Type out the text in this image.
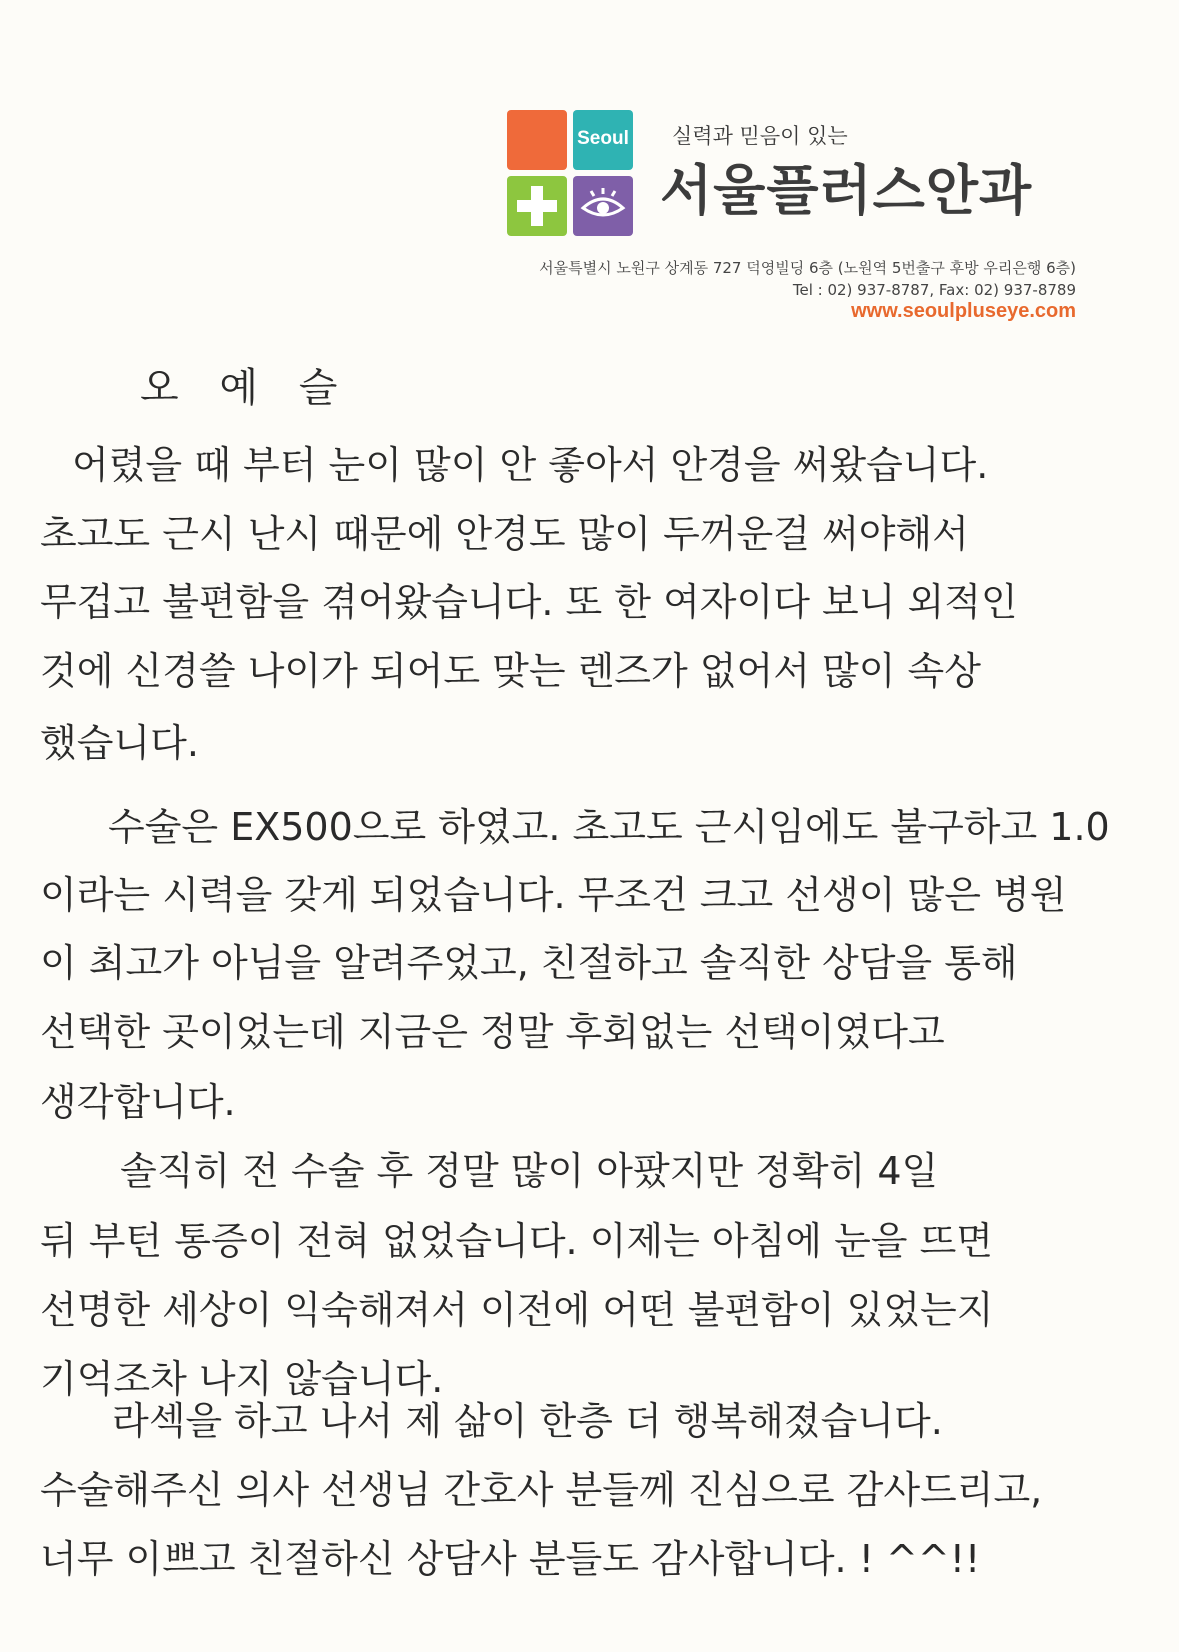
Seoul 실력과 믿음이 있는
서울플러스안과
서울특별시 노원구 상계동 727 덕영빌딩 6층 (노원역 5번출구 후방 우리은행 6층)
Tel : 02) 937-8787, Fax: 02) 937-8789
www.seoulpluseye.com
오 예 슬
어렸을 때 부터 눈이 많이 안 좋아서 안경을 써왔습니다.
초고도 근시 난시 때문에 안경도 많이 두꺼운걸 써야해서
무겁고 불편함을 겪어왔습니다. 또 한 여자이다 보니 외적인
것에 신경쓸 나이가 되어도 맞는 렌즈가 없어서 많이 속상
했습니다.
수술은 EX500으로 하였고. 초고도 근시임에도 불구하고 1.0
이라는 시력을 갖게 되었습니다. 무조건 크고 선생이 많은 병원
이 최고가 아님을 알려주었고, 친절하고 솔직한 상담을 통해
선택한 곳이었는데 지금은 정말 후회없는 선택이였다고
생각합니다.
솔직히 전 수술 후 정말 많이 아팠지만 정확히 4일
뒤 부턴 통증이 전혀 없었습니다. 이제는 아침에 눈을 뜨면
선명한 세상이 익숙해져서 이전에 어떤 불편함이 있었는지
기억조차 나지 않습니다.
라섹을 하고 나서 제 삶이 한층 더 행복해졌습니다.
수술해주신 의사 선생님 간호사 분들께 진심으로 감사드리고,
너무 이쁘고 친절하신 상담사 분들도 감사합니다. ! ^^!!
